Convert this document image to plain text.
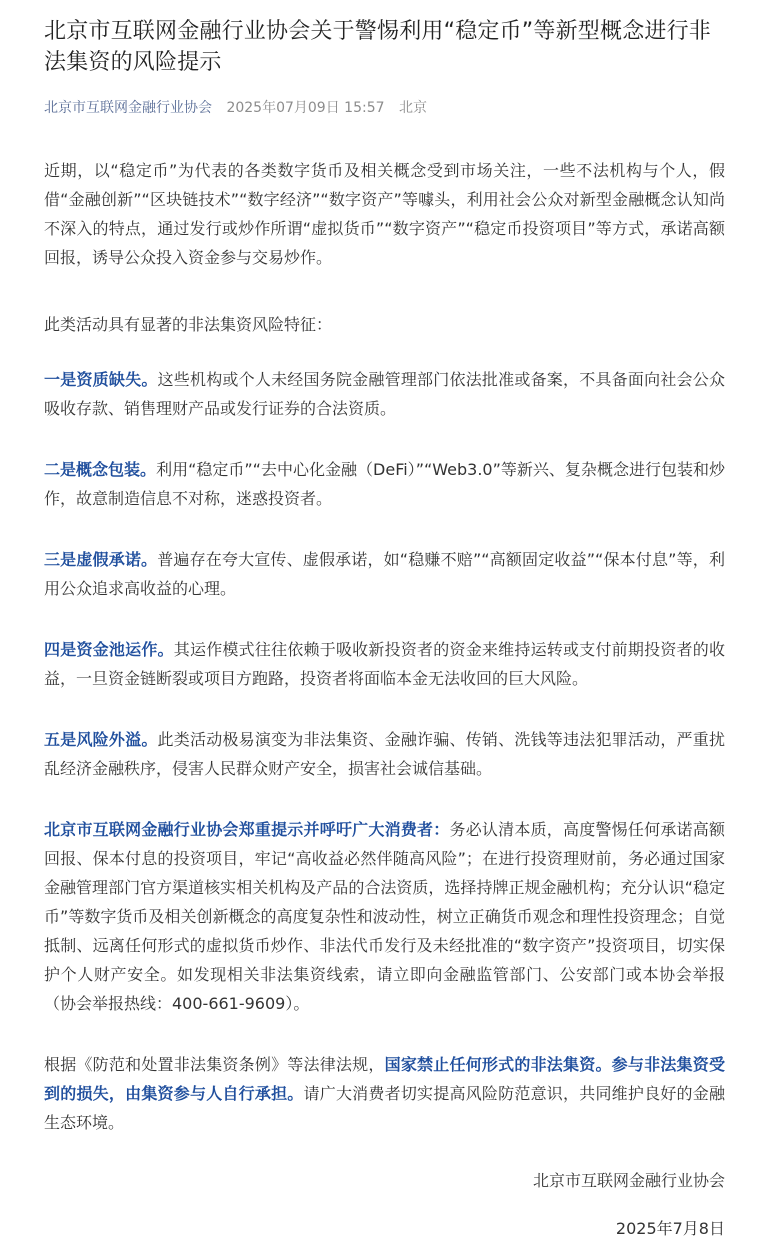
北京市互联网金融行业协会关于警惕利用“稳定币”等新型概念进行非法集资的风险提示
北京市互联网金融行业协会 2025年07月09日 15:57 北京

近期，以“稳定币”为代表的各类数字货币及相关概念受到市场关注，一些不法机构与个人，假借“金融创新”“区块链技术”“数字经济”“数字资产”等噱头，利用社会公众对新型金融概念认知尚不深入的特点，通过发行或炒作所谓“虚拟货币”“数字资产”“稳定币投资项目”等方式，承诺高额回报，诱导公众投入资金参与交易炒作。

此类活动具有显著的非法集资风险特征：

一是资质缺失。这些机构或个人未经国务院金融管理部门依法批准或备案，不具备面向社会公众吸收存款、销售理财产品或发行证券的合法资质。

二是概念包装。利用“稳定币”“去中心化金融（DeFi）”“Web3.0”等新兴、复杂概念进行包装和炒作，故意制造信息不对称，迷惑投资者。

三是虚假承诺。普遍存在夸大宣传、虚假承诺，如“稳赚不赔”“高额固定收益”“保本付息”等，利用公众追求高收益的心理。

四是资金池运作。其运作模式往往依赖于吸收新投资者的资金来维持运转或支付前期投资者的收益，一旦资金链断裂或项目方跑路，投资者将面临本金无法收回的巨大风险。

五是风险外溢。此类活动极易演变为非法集资、金融诈骗、传销、洗钱等违法犯罪活动，严重扰乱经济金融秩序，侵害人民群众财产安全，损害社会诚信基础。

北京市互联网金融行业协会郑重提示并呼吁广大消费者：务必认清本质，高度警惕任何承诺高额回报、保本付息的投资项目，牢记“高收益必然伴随高风险”；在进行投资理财前，务必通过国家金融管理部门官方渠道核实相关机构及产品的合法资质，选择持牌正规金融机构；充分认识“稳定币”等数字货币及相关创新概念的高度复杂性和波动性，树立正确货币观念和理性投资理念；自觉抵制、远离任何形式的虚拟货币炒作、非法代币发行及未经批准的“数字资产”投资项目，切实保护个人财产安全。如发现相关非法集资线索，请立即向金融监管部门、公安部门或本协会举报（协会举报热线：400-661-9609）。

根据《防范和处置非法集资条例》等法律法规，国家禁止任何形式的非法集资。参与非法集资受到的损失，由集资参与人自行承担。请广大消费者切实提高风险防范意识，共同维护良好的金融生态环境。

北京市互联网金融行业协会
2025年7月8日
